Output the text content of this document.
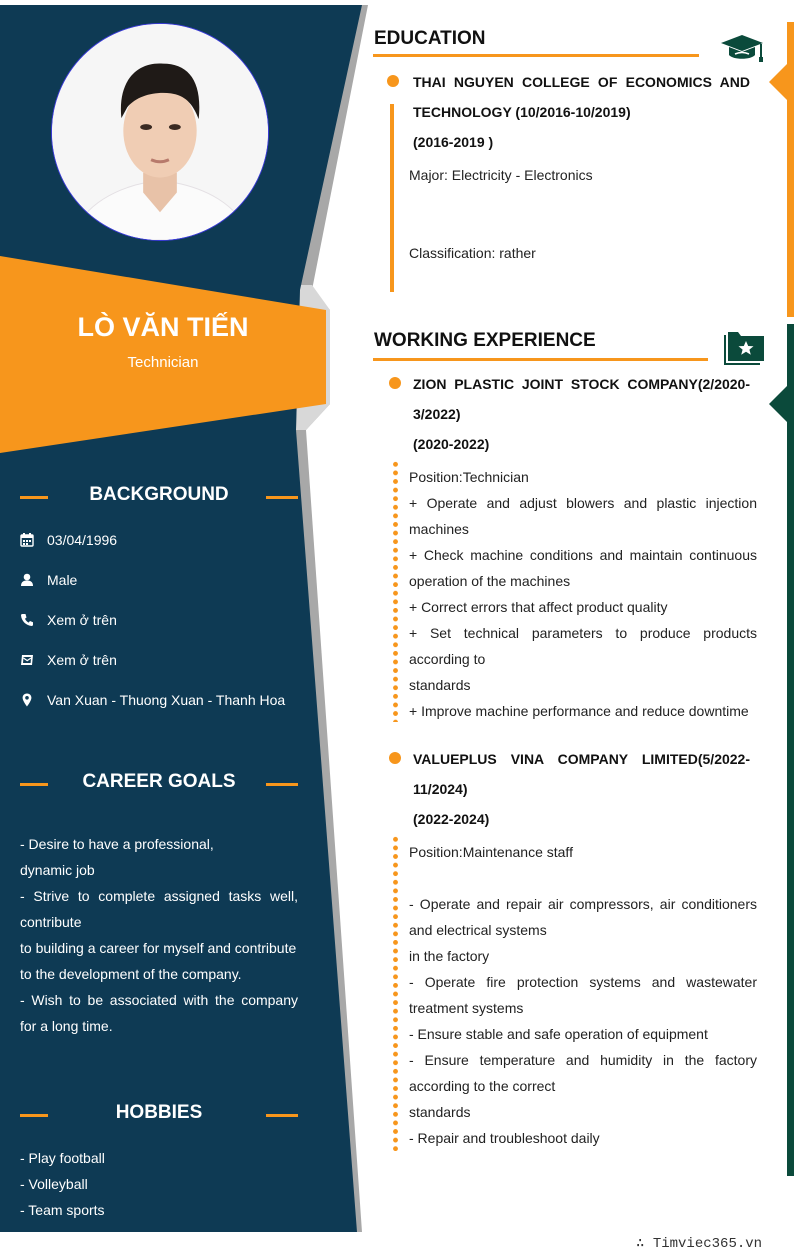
LÒ VĂN TIẾN
Technician
BACKGROUND
03/04/1996
Male
Xem ở trên
Xem ở trên
Van Xuan - Thuong Xuan - Thanh Hoa
CAREER GOALS
- Desire to have a professional,
dynamic job
- Strive to complete assigned tasks well, contribute
to building a career for myself and contribute
to the development of the company.
- Wish to be associated with the company for a long time.
HOBBIES
- Play football
- Volleyball
- Team sports
EDUCATION
THAI NGUYEN COLLEGE OF ECONOMICS AND TECHNOLOGY (10/2016-10/2019)
(2016-2019 )
Major: Electricity - Electronics
Classification: rather
WORKING EXPERIENCE
ZION PLASTIC JOINT STOCK COMPANY(2/2020-3/2022)
(2020-2022)
Position:Technician
+ Operate and adjust blowers and plastic injection machines
+ Check machine conditions and maintain continuous operation of the machines
+ Correct errors that affect product quality
+ Set technical parameters to produce products according to
standards
+ Improve machine performance and reduce downtime
VALUEPLUS VINA COMPANY LIMITED(5/2022-11/2024)
(2022-2024)
Position:Maintenance staff
- Operate and repair air compressors, air conditioners and electrical systems
in the factory
- Operate fire protection systems and wastewater treatment systems
- Ensure stable and safe operation of equipment
- Ensure temperature and humidity in the factory according to the correct
standards
- Repair and troubleshoot daily
∴ Timviec365.vn
